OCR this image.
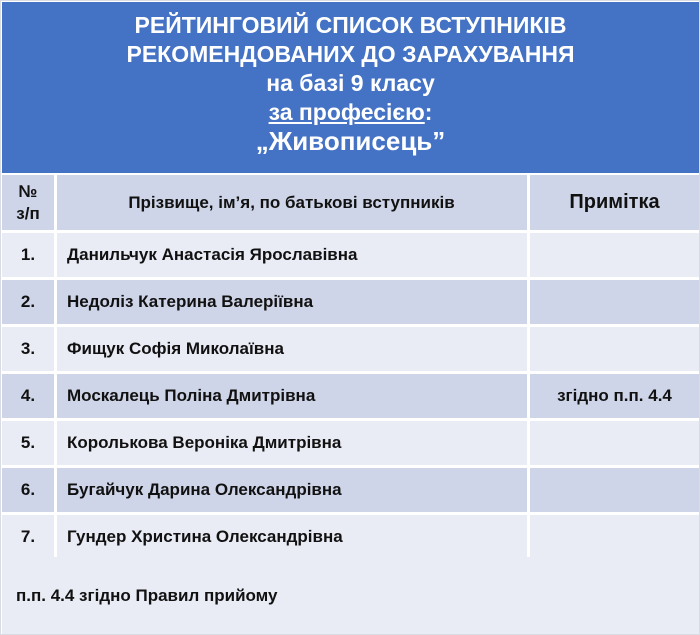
РЕЙТИНГОВИЙ СПИСОК ВСТУПНИКІВ
РЕКОМЕНДОВАНИХ ДО ЗАРАХУВАННЯ
на базі 9 класу
за професією:
„Живописець”
№
з/п	Прізвище, ім’я, по батькові вступників	Примітка
1.	Данильчук Анастасія Ярославівна	
2.	Недоліз Катерина Валеріївна	
3.	Фищук Софія Миколаївна	
4.	Москалець Поліна Дмитрівна	згідно п.п. 4.4
5.	Королькова Вероніка Дмитрівна	
6.	Бугайчук Дарина Олександрівна	
7.	Гундер Христина Олександрівна	
п.п. 4.4 згідно Правил прийому
